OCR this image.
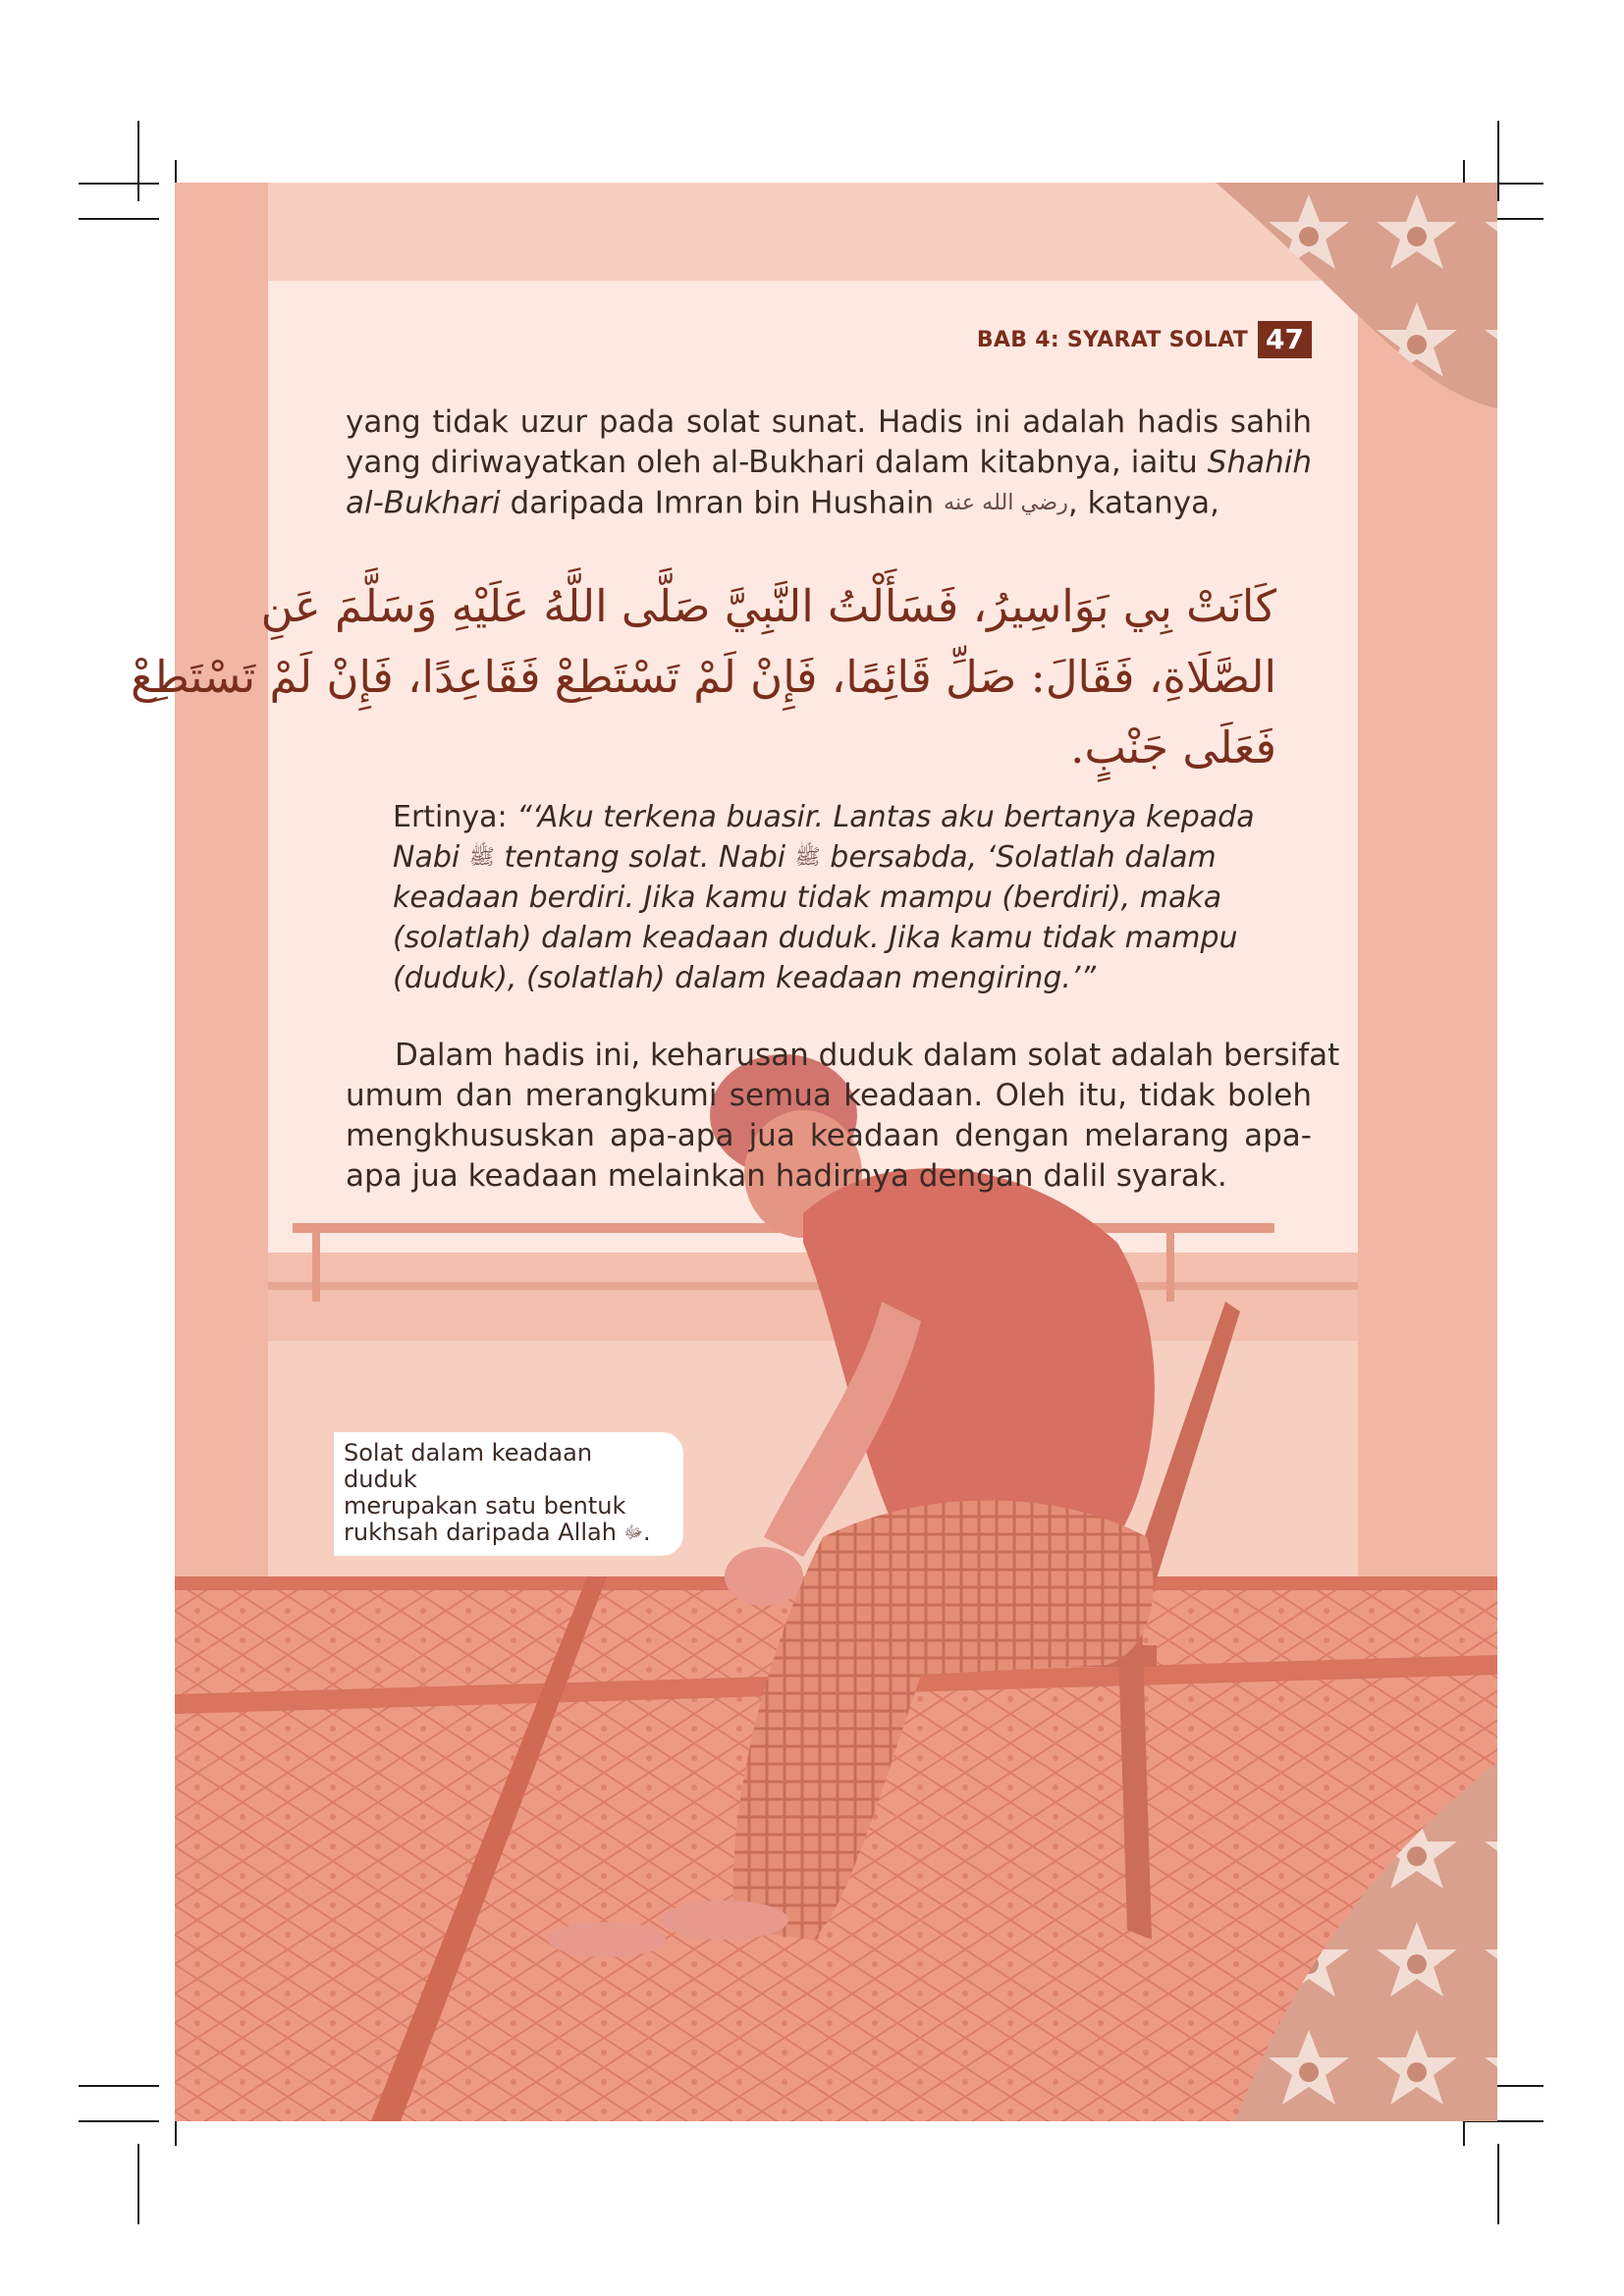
BAB 4: SYARAT SOLAT 47
yang tidak uzur pada solat sunat. Hadis ini adalah hadis sahih
yang diriwayatkan oleh al-Bukhari dalam kitabnya, iaitu Shahih
al-Bukhari daripada Imran bin Hushain رضي الله عنه, katanya,
كَانَتْ بِي بَوَاسِيرُ، فَسَأَلْتُ النَّبِيَّ صَلَّى اللَّهُ عَلَيْهِ وَسَلَّمَ عَنِ
الصَّلَاةِ، فَقَالَ: صَلِّ قَائِمًا، فَإِنْ لَمْ تَسْتَطِعْ فَقَاعِدًا، فَإِنْ لَمْ تَسْتَطِعْ
فَعَلَى جَنْبٍ.
Ertinya: “‘Aku terkena buasir. Lantas aku bertanya kepada
Nabi ﷺ tentang solat. Nabi ﷺ bersabda, ‘Solatlah dalam
keadaan berdiri. Jika kamu tidak mampu (berdiri), maka
(solatlah) dalam keadaan duduk. Jika kamu tidak mampu
(duduk), (solatlah) dalam keadaan mengiring.’”
Dalam hadis ini, keharusan duduk dalam solat adalah bersifat
umum dan merangkumi semua keadaan. Oleh itu, tidak boleh
mengkhususkan apa-apa jua keadaan dengan melarang apa-
apa jua keadaan melainkan hadirnya dengan dalil syarak.
Solat dalam keadaan duduk
merupakan satu bentuk
rukhsah daripada Allah ﷻ.
